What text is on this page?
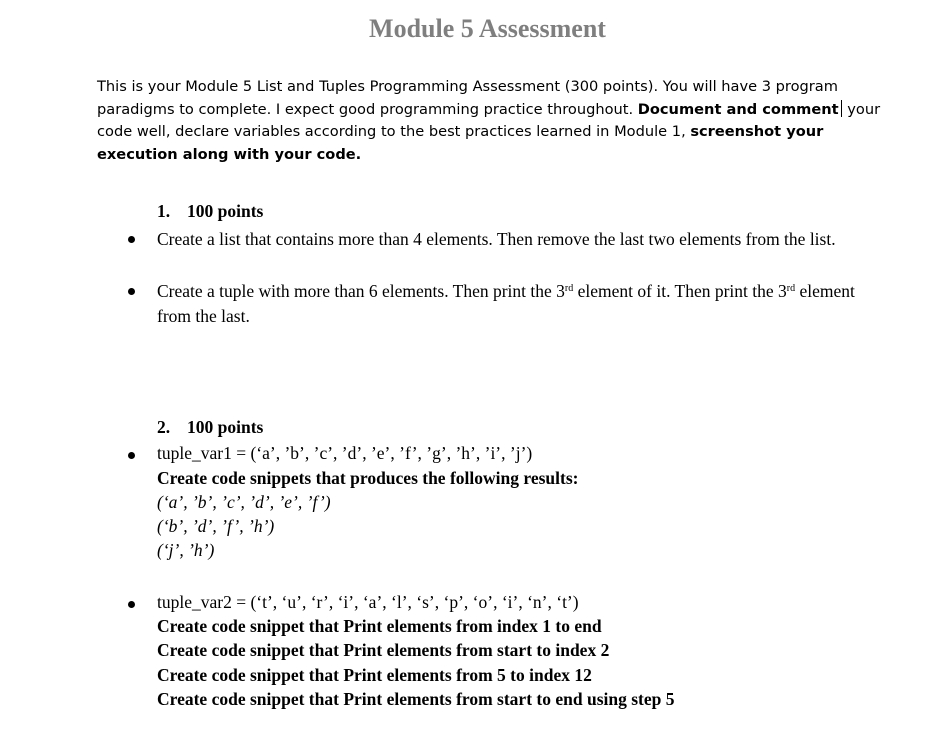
Module 5 Assessment
This is your Module 5 List and Tuples Programming Assessment (300 points). You will have 3 program paradigms to complete. I expect good programming practice throughout. Document and comment your code well, declare variables according to the best practices learned in Module 1, screenshot your execution along with your code.
1. 100 points
Create a list that contains more than 4 elements. Then remove the last two elements from the list.
Create a tuple with more than 6 elements. Then print the 3rd element of it. Then print the 3rd element from the last.
2. 100 points
tuple_var1 = (‘a’, ’b’, ’c’, ’d’, ’e’, ’f’, ’g’, ’h’, ’i’, ’j’)
Create code snippets that produces the following results:
(‘a’, ’b’, ’c’, ’d’, ’e’, ’f’)
(‘b’, ’d’, ’f’, ’h’)
(‘j’, ’h’)
tuple_var2 = (‘t’, ‘u’, ‘r’, ‘i’, ‘a’, ‘l’, ‘s’, ‘p’, ‘o’, ‘i’, ‘n’, ‘t’)
Create code snippet that Print elements from index 1 to end
Create code snippet that Print elements from start to index 2
Create code snippet that Print elements from 5 to index 12
Create code snippet that Print elements from start to end using step 5
